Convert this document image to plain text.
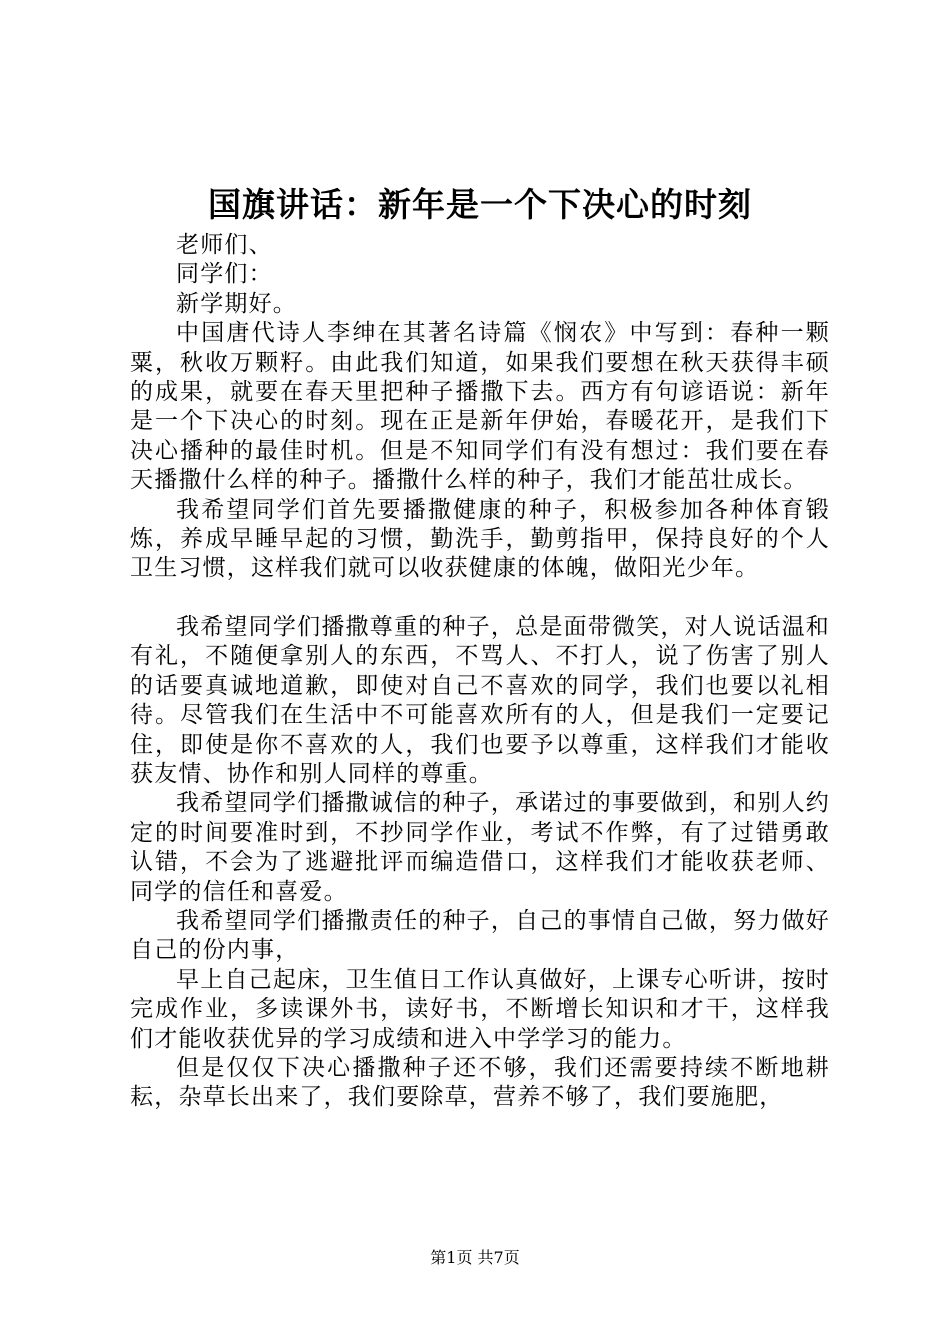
国旗讲话：新年是一个下决心的时刻

老师们、

同学们：

新学期好。

中国唐代诗人李绅在其著名诗篇《悯农》中写到：春种一颗粟，秋收万颗籽。由此我们知道，如果我们要想在秋天获得丰硕的成果，就要在春天里把种子播撒下去。西方有句谚语说：新年是一个下决心的时刻。现在正是新年伊始，春暖花开，是我们下决心播种的最佳时机。但是不知同学们有没有想过：我们要在春天播撒什么样的种子。播撒什么样的种子，我们才能茁壮成长。

我希望同学们首先要播撒健康的种子，积极参加各种体育锻炼，养成早睡早起的习惯，勤洗手，勤剪指甲，保持良好的个人卫生习惯，这样我们就可以收获健康的体魄，做阳光少年。

我希望同学们播撒尊重的种子，总是面带微笑，对人说话温和有礼，不随便拿别人的东西，不骂人、不打人，说了伤害了别人的话要真诚地道歉，即使对自己不喜欢的同学，我们也要以礼相待。尽管我们在生活中不可能喜欢所有的人，但是我们一定要记住，即使是你不喜欢的人，我们也要予以尊重，这样我们才能收获友情、协作和别人同样的尊重。

我希望同学们播撒诚信的种子，承诺过的事要做到，和别人约定的时间要准时到，不抄同学作业，考试不作弊，有了过错勇敢认错，不会为了逃避批评而编造借口，这样我们才能收获老师、同学的信任和喜爱。

我希望同学们播撒责任的种子，自己的事情自己做，努力做好自己的份内事，

早上自己起床，卫生值日工作认真做好，上课专心听讲，按时完成作业，多读课外书，读好书，不断增长知识和才干，这样我们才能收获优异的学习成绩和进入中学学习的能力。

但是仅仅下决心播撒种子还不够，我们还需要持续不断地耕耘，杂草长出来了，我们要除草，营养不够了，我们要施肥，

第1页 共7页
